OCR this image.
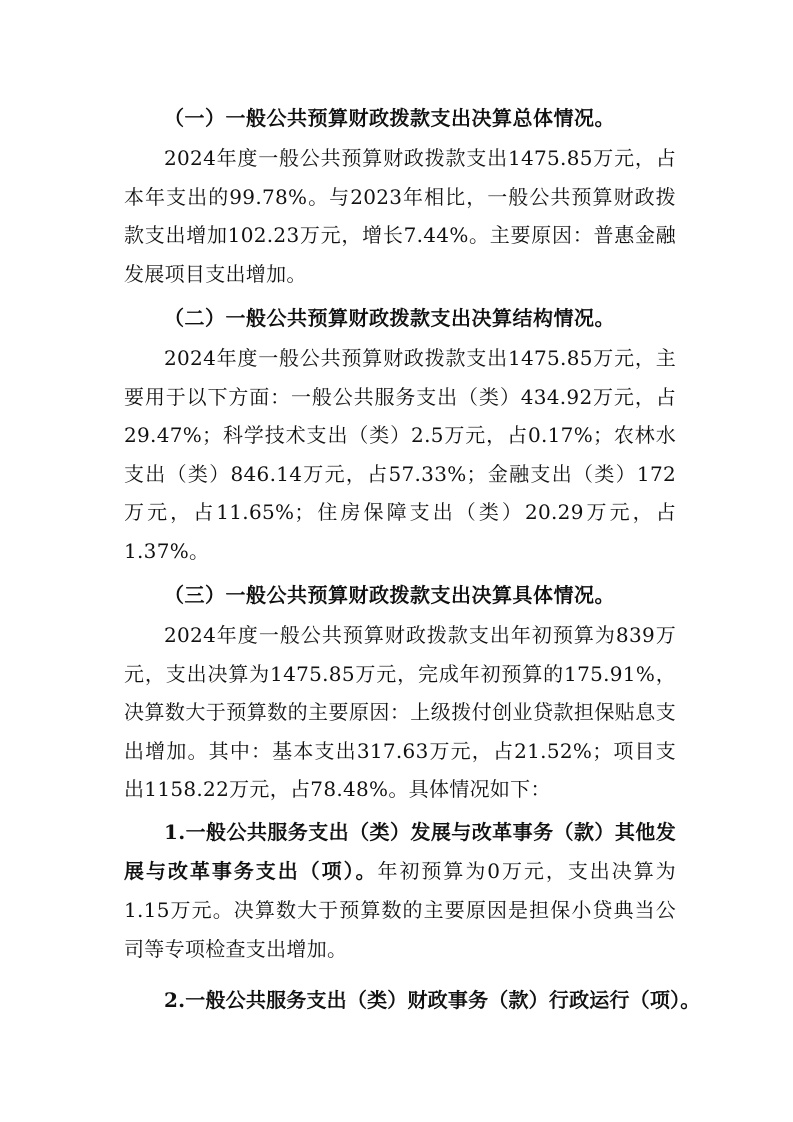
（一）一般公共预算财政拨款支出决算总体情况。

2024年度一般公共预算财政拨款支出1475.85万元，占本年支出的99.78%。与2023年相比，一般公共预算财政拨款支出增加102.23万元，增长7.44%。主要原因：普惠金融发展项目支出增加。

（二）一般公共预算财政拨款支出决算结构情况。

2024年度一般公共预算财政拨款支出1475.85万元，主要用于以下方面：一般公共服务支出（类）434.92万元，占29.47%；科学技术支出（类）2.5万元，占0.17%；农林水支出（类）846.14万元，占57.33%；金融支出（类）172万元，占11.65%；住房保障支出（类）20.29万元，占1.37%。

（三）一般公共预算财政拨款支出决算具体情况。

2024年度一般公共预算财政拨款支出年初预算为839万元，支出决算为1475.85万元，完成年初预算的175.91%，决算数大于预算数的主要原因：上级拨付创业贷款担保贴息支出增加。其中：基本支出317.63万元，占21.52%；项目支出1158.22万元，占78.48%。具体情况如下：

1.一般公共服务支出（类）发展与改革事务（款）其他发展与改革事务支出（项）。年初预算为0万元，支出决算为1.15万元。决算数大于预算数的主要原因是担保小贷典当公司等专项检查支出增加。

2.一般公共服务支出（类）财政事务（款）行政运行（项）。
